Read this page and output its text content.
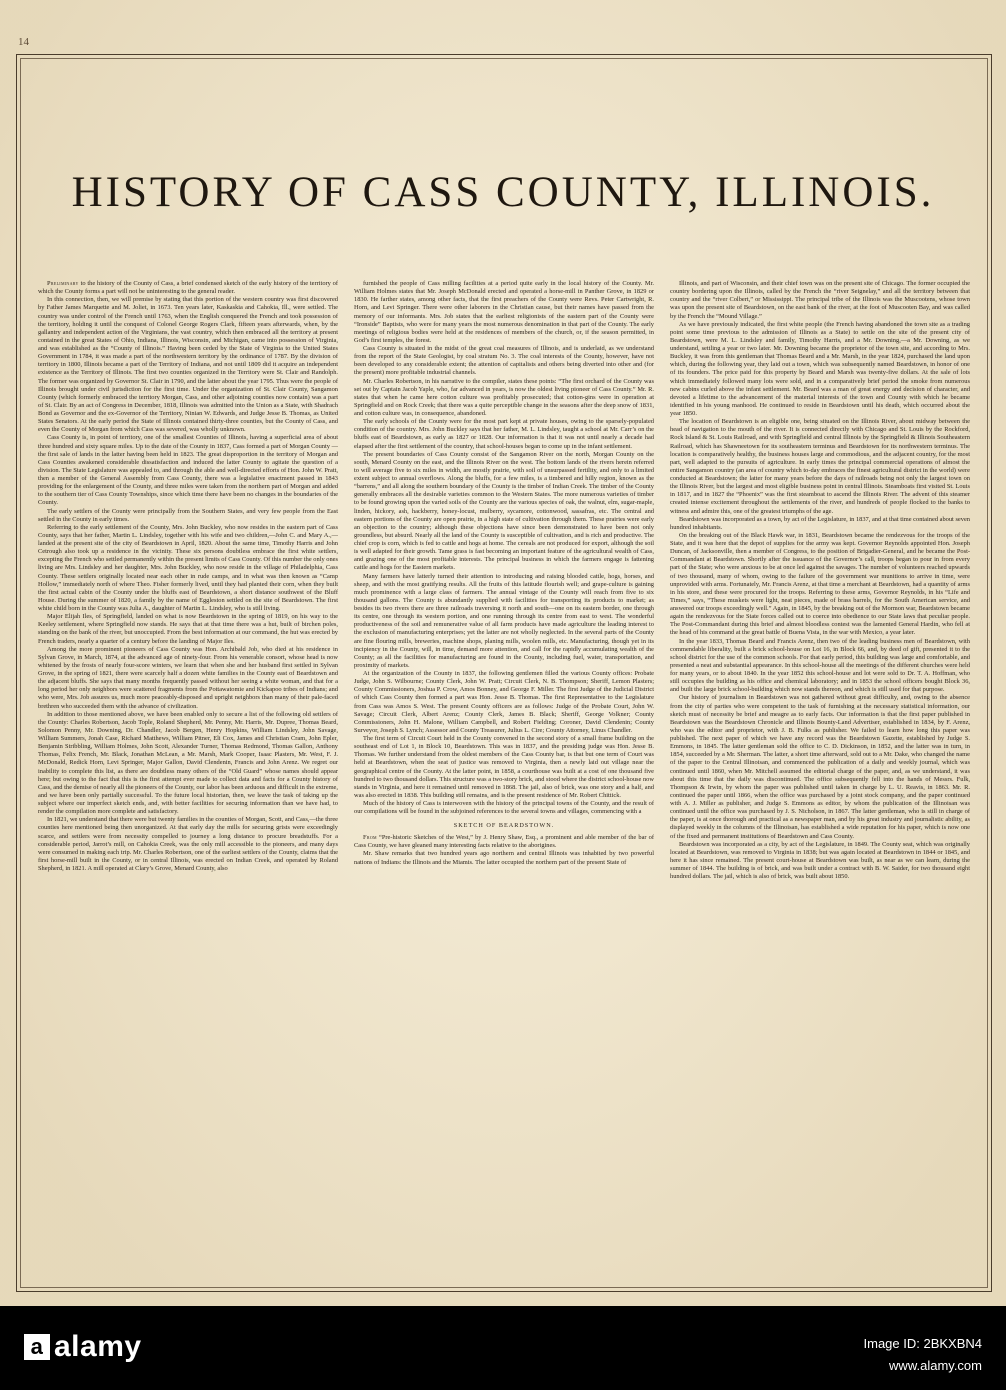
14
HISTORY OF CASS COUNTY, ILLINOIS.

Preliminary to the history of the County of Cass, a brief condensed sketch of the early history of the territory of which the County forms a part will not be uninteresting to the general reader.

In this connection, then, we will premise by stating that this portion of the western country was first discovered by Father James Marquette and M. Joliet, in 1673. Ten years later, Kaskaskia and Cahokia, Ill., were settled. The country was under control of the French until 1763, when the English conquered the French and took possession of the territory, holding it until the conquest of Colonel George Rogers Clark, fifteen years afterwards, when, by the gallantry and independent action of the Virginians, the vast country, which then embraced all the territory at present contained in the great States of Ohio, Indiana, Illinois, Wisconsin, and Michigan, came into possession of Virginia, and was established as the “County of Illinois.” Having been ceded by the State of Virginia to the United States Government in 1784, it was made a part of the northwestern territory by the ordinance of 1787. By the division of territory in 1800, Illinois became a part of the Territory of Indiana, and not until 1809 did it acquire an independent existence as the Territory of Illinois. The first two counties organized in the Territory were St. Clair and Randolph. The former was organized by Governor St. Clair in 1790, and the latter about the year 1795. Thus were the people of Illinois brought under civil jurisdiction for the first time. Under the organization of St. Clair County, Sangamon County (which formerly embraced the territory Morgan, Cass, and other adjoining counties now contain) was a part of St. Clair. By an act of Congress in December, 1818, Illinois was admitted into the Union as a State, with Shadrach Bond as Governor and the ex-Governor of the Territory, Ninian W. Edwards, and Judge Jesse B. Thomas, as United States Senators. At the early period the State of Illinois contained thirty-three counties, but the County of Cass, and even the County of Morgan from which Cass was severed, was wholly unknown.

Cass County is, in point of territory, one of the smallest Counties of Illinois, having a superficial area of about three hundred and sixty square miles. Up to the date of the County in 1837, Cass formed a part of Morgan County —the first sale of lands in the latter having been held in 1823. The great disproportion in the territory of Morgan and Cass Counties awakened considerable dissatisfaction and induced the latter County to agitate the question of a division. The State Legislature was appealed to, and through the able and well-directed efforts of Hon. John W. Pratt, then a member of the General Assembly from Cass County, there was a legislative enactment passed in 1843 providing for the enlargement of the County, and three miles were taken from the northern part of Morgan and added to the southern tier of Cass County Townships, since which time there have been no changes in the boundaries of the County.

The early settlers of the County were principally from the Southern States, and very few people from the East settled in the County in early times.

Referring to the early settlement of the County, Mrs. John Buckley, who now resides in the eastern part of Cass County, says that her father, Martin L. Lindsley, together with his wife and two children,—John C. and Mary A.,—landed at the present site of the city of Beardstown in April, 1820. About the same time, Timothy Harris and John Cetrough also took up a residence in the vicinity. These six persons doubtless embrace the first white settlers, excepting the French who settled permanently within the present limits of Cass County. Of this number the only ones living are Mrs. Lindsley and her daughter, Mrs. John Buckley, who now reside in the village of Philadelphia, Cass County. These settlers originally located near each other in rude camps, and in what was then known as “Camp Hollow,” immediately north of where Theo. Fisher formerly lived, until they had planted their corn, when they built the first actual cabin of the County under the bluffs east of Beardstown, a short distance southwest of the Bluff House. During the summer of 1820, a family by the name of Eggleston settled on the site of Beardstown. The first white child born in the County was Julia A., daughter of Martin L. Lindsley, who is still living.

Major Elijah Iles, of Springfield, landed on what is now Beardstown in the spring of 1819, on his way to the Keeley settlement, where Springfield now stands. He says that at that time there was a hut, built of birchen poles, standing on the bank of the river, but unoccupied. From the best information at our command, the hut was erected by French traders, nearly a quarter of a century before the landing of Major Iles.

Among the more prominent pioneers of Cass County was Hon. Archibald Job, who died at his residence in Sylvan Grove, in March, 1874, at the advanced age of ninety-four. From his venerable consort, whose head is now whitened by the frosts of nearly four-score winters, we learn that when she and her husband first settled in Sylvan Grove, in the spring of 1821, there were scarcely half a dozen white families in the County east of Beardstown and the adjacent bluffs. She says that many months frequently passed without her seeing a white woman, and that for a long period her only neighbors were scattered fragments from the Pottawatomie and Kickapoo tribes of Indians; and who were, Mrs. Job assures us, much more peaceably-disposed and upright neighbors than many of their pale-faced brethren who succeeded them with the advance of civilization.

In addition to those mentioned above, we have been enabled only to secure a list of the following old settlers of the County: Charles Robertson, Jacob Tople, Roland Shepherd, Mr. Penny, Mr. Harris, Mr. Dupree, Thomas Beard, Solomon Penny, Mr. Downing, Dr. Chandler, Jacob Bergen, Henry Hopkins, William Lindsley, John Savage, William Summers, Jonah Case, Richard Matthews, William Pitner, Eli Cox, James and Christian Cram, John Epler, Benjamin Stribbling, William Holmes, John Scott, Alexander Turner, Thomas Redmond, Thomas Gallon, Anthony Thomas, Felix French, Mr. Black, Jonathan McLean, a Mr. Marsh, Mark Cooper, Isaac Plasters, Mr. West, F. J. McDonald, Redick Horn, Levi Springer, Major Gallon, David Clendenin, Francis and John Arenz. We regret our inability to complete this list, as there are doubtless many others of the “Old Guard” whose names should appear here; but owing to the fact that this is the first attempt ever made to collect data and facts for a County history of Cass, and the demise of nearly all the pioneers of the County, our labor has been arduous and difficult in the extreme, and we have been only partially successful. To the future local historian, then, we leave the task of taking up the subject where our imperfect sketch ends, and, with better facilities for securing information than we have had, to render the compilation more complete and satisfactory.

In 1821, we understand that there were but twenty families in the counties of Morgan, Scott, and Cass,—the three counties here mentioned being then unorganized. At that early day the mills for securing grists were exceedingly scarce, and settlers were from necessity compelled to journey a long distance to procure breadstuffs. For a considerable period, Jarrot’s mill, on Cahokia Creek, was the only mill accessible to the pioneers, and many days were consumed in making each trip. Mr. Charles Robertson, one of the earliest settlers of the County, claims that the first horse-mill built in the County, or in central Illinois, was erected on Indian Creek, and operated by Roland Shepherd, in 1821. A mill operated at Clary’s Grove, Menard County, also

furnished the people of Cass milling facilities at a period quite early in the local history of the County. Mr. William Holmes states that Mr. Joseph McDonald erected and operated a horse-mill in Panther Grove, in 1829 or 1830. He farther states, among other facts, that the first preachers of the County were Revs. Peter Cartwright, R. Horn, and Levi Springer. There were other laborers in the Christian cause, but their names have passed from the memory of our informants. Mrs. Job states that the earliest religionists of the eastern part of the County were “Ironside” Baptists, who were for many years the most numerous denomination in that part of the County. The early meetings of religious bodies were held at the residences of members of the church, or, if the season permitted, in God’s first temples, the forest.

Cass County is situated in the midst of the great coal measures of Illinois, and is underlaid, as we understand from the report of the State Geologist, by coal stratum No. 3. The coal interests of the County, however, have not been developed to any considerable extent; the attention of capitalists and others being diverted into other and (for the present) more profitable industrial channels.

Mr. Charles Robertson, in his narrative to the compiler, states these points: “The first orchard of the County was set out by Captain Jacob Yaple, who, far advanced in years, is now the oldest living pioneer of Cass County.” Mr. R. states that when he came here cotton culture was profitably prosecuted; that cotton-gins were in operation at Springfield and on Rock Creek; that there was a quite perceptible change in the seasons after the deep snow of 1831, and cotton culture was, in consequence, abandoned.

The early schools of the County were for the most part kept at private houses, owing to the sparsely-populated condition of the country. Mrs. John Buckley says that her father, M. L. Lindsley, taught a school at Mr. Carr’s on the bluffs east of Beardstown, as early as 1827 or 1828. Our information is that it was not until nearly a decade had elapsed after the first settlement of the country, that school-houses began to come up in the infant settlement.

The present boundaries of Cass County consist of the Sangamon River on the north, Morgan County on the south, Menard County on the east, and the Illinois River on the west. The bottom lands of the rivers herein referred to will average five to six miles in width, are mostly prairie, with soil of unsurpassed fertility, and only to a limited extent subject to annual overflows. Along the bluffs, for a few miles, is a timbered and hilly region, known as the “barrens,” and all along the southern boundary of the County is the timber of Indian Creek. The timber of the County generally embraces all the desirable varieties common to the Western States. The more numerous varieties of timber to be found growing upon the varied soils of the County are the various species of oak, the walnut, elm, sugar-maple, linden, hickory, ash, hackberry, honey-locust, mulberry, sycamore, cottonwood, sassafras, etc. The central and eastern portions of the County are open prairie, in a high state of cultivation through them. These prairies were early an objection to the country; although these objections have since been demonstrated to have been not only groundless, but absurd. Nearly all the land of the County is susceptible of cultivation, and is rich and productive. The chief crop is corn, which is fed to cattle and hogs at home. The cereals are not produced for export, although the soil is well adapted for their growth. Tame grass is fast becoming an important feature of the agricultural wealth of Cass, and grazing one of the most profitable interests. The principal business in which the farmers engage is fattening cattle and hogs for the Eastern markets.

Many farmers have latterly turned their attention to introducing and raising blooded cattle, hogs, horses, and sheep, and with the most gratifying results. All the fruits of this latitude flourish well; and grape-culture is gaining much prominence with a large class of farmers. The annual vintage of the County will reach from five to six thousand gallons. The County is abundantly supplied with facilities for transporting its products to market; as besides its two rivers there are three railroads traversing it north and south—one on its eastern border, one through its centre, one through its western portion, and one running through its centre from east to west. The wonderful productiveness of the soil and remunerative value of all farm products have made agriculture the leading interest to the exclusion of manufacturing enterprises; yet the latter are not wholly neglected. In the several parts of the County are fine flouring mills, breweries, machine shops, planing mills, woolen mills, etc. Manufacturing, though yet in its incipiency in the County, will, in time, demand more attention, and call for the rapidly accumulating wealth of the County; as all the facilities for manufacturing are found in the County, including fuel, water, transportation, and proximity of markets.

At the organization of the County in 1837, the following gentlemen filled the various County offices: Probate Judge, John S. Wilbourne; County Clerk, John W. Pratt; Circuit Clerk, N. B. Thompson; Sheriff, Lemon Plasters; County Commissioners, Joshua P. Crow, Amos Bonney, and George F. Miller. The first Judge of the Judicial District of which Cass County then formed a part was Hon. Jesse B. Thomas. The first Representative to the Legislature from Cass was Amos S. West. The present County officers are as follows: Judge of the Probate Court, John W. Savage; Circuit Clerk, Albert Arenz; County Clerk, James B. Black; Sheriff, George Volkner; County Commissioners, John H. Malone, William Campbell, and Robert Fielding; Coroner, David Clendenin; County Surveyor, Joseph S. Lynch; Assessor and County Treasurer, Julius L. Cire; County Attorney, Linus Chandler.

The first term of Circuit Court held in the County convened in the second story of a small frame building on the southeast end of Lot 1, in Block 10, Beardstown. This was in 1837, and the presiding judge was Hon. Jesse B. Thomas. We further understand from the oldest members of the Cass County bar, is that but one term of Court was held at Beardstown, when the seat of justice was removed to Virginia, then a newly laid out village near the geographical centre of the County. At the latter point, in 1858, a courthouse was built at a cost of one thousand five hundred to two thousand dollars. This structure was a two-story brick, and stood where the district school-house now stands in Virginia, and here it remained until removed in 1868. The jail, also of brick, was one story and a half, and was also erected in 1838. This building still remains, and is the present residence of Mr. Robert Chittick.

Much of the history of Cass is interwoven with the history of the principal towns of the County, and the result of our compilations will be found in the subjoined references to the several towns and villages, commencing with a

SKETCH OF BEARDSTOWN.

From “Pre-historic Sketches of the West,” by J. Henry Shaw, Esq., a prominent and able member of the bar of Cass County, we have gleaned many interesting facts relative to the aborigines.

Mr. Shaw remarks that two hundred years ago northern and central Illinois was inhabited by two powerful nations of Indians: the Illinois and the Miamis. The latter occupied the northern part of the present State of

Illinois, and part of Wisconsin, and their chief town was on the present site of Chicago. The former occupied the country bordering upon the Illinois, called by the French the “river Seignelay,” and all the territory between that country and the “river Colbert,” or Mississippi. The principal tribe of the Illinois was the Muscootens, whose town was upon the present site of Beardstown, on the east bank of the river, at the foot of Muscooten Bay, and was called by the French the “Mound Village.”

As we have previously indicated, the first white people (the French having abandoned the town site as a trading point some time previous to the admission of Illinois as a State) to settle on the site of the present city of Beardstown, were M. L. Lindsley and family, Timothy Harris, and a Mr. Downing,—a Mr. Downing, as we understand, settling a year or two later. Mr. Downing became the proprietor of the town site, and according to Mrs. Buckley, it was from this gentleman that Thomas Beard and a Mr. Marsh, in the year 1824, purchased the land upon which, during the following year, they laid out a town, which was subsequently named Beardstown, in honor of one of its founders. The price paid for this property by Beard and Marsh was twenty-five dollars. At the sale of lots which immediately followed many lots were sold, and in a comparatively brief period the smoke from numerous new cabins curled above the infant settlement. Mr. Beard was a man of great energy and decision of character, and devoted a lifetime to the advancement of the material interests of the town and County with which he became identified in his young manhood. He continued to reside in Beardstown until his death, which occurred about the year 1850.

The location of Beardstown is an eligible one, being situated on the Illinois River, about midway between the head of navigation to the mouth of the river. It is connected directly with Chicago and St. Louis by the Rockford, Rock Island & St. Louis Railroad, and with Springfield and central Illinois by the Springfield & Illinois Southeastern Railroad, which has Shawneetown for its southeastern terminus and Beardstown for its northwestern terminus. The location is comparatively healthy, the business houses large and commodious, and the adjacent country, for the most part, well adapted to the pursuits of agriculture. In early times the principal commercial operations of almost the entire Sangamon country (an area of country which to-day embraces the finest agricultural district in the world) were conducted at Beardstown; the latter for many years before the days of railroads being not only the largest town on the Illinois River, but the largest and most eligible business point in central Illinois. Steamboats first visited St. Louis in 1817, and in 1827 the “Phoenix” was the first steamboat to ascend the Illinois River. The advent of this steamer created intense excitement throughout the settlements of the river, and hundreds of people flocked to the banks to witness and admire this, one of the greatest triumphs of the age.

Beardstown was incorporated as a town, by act of the Legislature, in 1837, and at that time contained about seven hundred inhabitants.

On the breaking out of the Black Hawk war, in 1831, Beardstown became the rendezvous for the troops of the State, and it was here that the depot of supplies for the army was kept. Governor Reynolds appointed Hon. Joseph Duncan, of Jacksonville, then a member of Congress, to the position of Brigadier-General, and he became the Post-Commandant at Beardstown. Shortly after the issuance of the Governor’s call, troops began to pour in from every part of the State; who were anxious to be at once led against the savages. The number of volunteers reached upwards of two thousand, many of whom, owing to the failure of the government war munitions to arrive in time, were unprovided with arms. Fortunately, Mr. Francis Arenz, at that time a merchant at Beardstown, had a quantity of arms in his store, and these were procured for the troops. Referring to these arms, Governor Reynolds, in his “Life and Times,” says, “These muskets were light, neat pieces, made of brass barrels, for the South American service, and answered our troops exceedingly well.” Again, in 1845, by the breaking out of the Mormon war, Beardstown became again the rendezvous for the State forces called out to coerce into obedience to our State laws that peculiar people. The Post-Commandant during this brief and almost bloodless contest was the lamented General Hardin, who fell at the head of his command at the great battle of Buena Vista, in the war with Mexico, a year later.

In the year 1833, Thomas Beard and Francis Arenz, then two of the leading business men of Beardstown, with commendable liberality, built a brick school-house on Lot 16, in Block 66, and, by deed of gift, presented it to the school district for the use of the common schools. For that early period, this building was large and comfortable, and presented a neat and substantial appearance. In this school-house all the meetings of the different churches were held for many years, or to about 1840. In the year 1852 this school-house and lot were sold to Dr. T. A. Hoffman, who still occupies the building as his office and chemical laboratory; and in 1853 the school officers bought Block 36, and built the large brick school-building which now stands thereon, and which is still used for that purpose.

Our history of journalism in Beardstown was not gathered without great difficulty, and, owing to the absence from the city of parties who were competent to the task of furnishing at the necessary statistical information, our sketch must of necessity be brief and meagre as to early facts. Our information is that the first paper published in Beardstown was the Beardstown Chronicle and Illinois Bounty-Land Advertiser, established in 1834, by F. Arenz, who was the editor and proprietor, with J. B. Fulks as publisher. We failed to learn how long this paper was published. The next paper of which we have any record was the Beardstown Gazette, established by Judge S. Emmons, in 1845. The latter gentleman sold the office to C. D. Dickinson, in 1852, and the latter was in turn, in 1854, succeeded by a Mr. Sherman. The latter, a short time afterward, sold out to a Mr. Dake, who changed the name of the paper to the Central Illinoisan, and commenced the publication of a daily and weekly journal, which was continued until 1860, when Mr. Mitchell assumed the editorial charge of the paper, and, as we understand, it was about this time that the daily was discontinued. The office subsequently fell into the hands of Messrs. Fulk, Thompson & Irwin, by whom the paper was published until taken in charge by L. U. Reavis, in 1863. Mr. R. continued the paper until 1866, when the office was purchased by a joint stock company, and the paper continued with A. J. Miller as publisher, and Judge S. Emmons as editor, by whom the publication of the Illinoisan was continued until the office was purchased by J. S. Nicholson, in 1867. The latter gentleman, who is still in charge of the paper, is at once thorough and practical as a newspaper man, and by his great industry and journalistic ability, as displayed weekly in the columns of the Illinoisan, has established a wide reputation for his paper, which is now one of the fixed and permanent institutions of Beardstown and Cass County.

Beardstown was incorporated as a city, by act of the Legislature, in 1849. The County seat, which was originally located at Beardstown, was removed to Virginia in 1838; but was again located at Beardstown in 1844 or 1845, and here it has since remained. The present court-house at Beardstown was built, as near as we can learn, during the summer of 1844. The building is of brick, and was built under a contract with B. W. Saider, for two thousand eight hundred dollars. The jail, which is also of brick, was built about 1850.

a alamy	Image ID: 2BKXBN4
www.alamy.com
